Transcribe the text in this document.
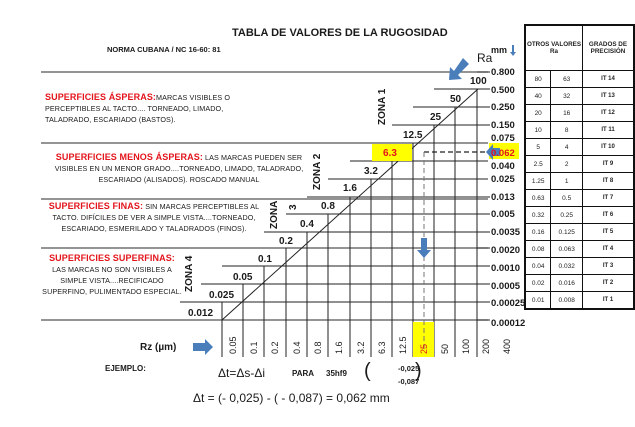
TABLA DE VALORES DE LA RUGOSIDAD
NORMA CUBANA / NC 16-60: 81
SUPERFICIES ÁSPERAS:MARCAS VISIBLES O PERCEPTIBLES AL TACTO.... TORNEADO, LIMADO, TALADRADO, ESCARIADO (BASTOS).
SUPERFICIES MENOS ÁSPERAS: LAS MARCAS PUEDEN SER VISIBLES EN UN MENOR GRADO....TORNEADO, LIMADO, TALADRADO, ESCARIADO (ALISADOS). ROSCADO MANUAL
SUPERFICIES FINAS: SIN MARCAS PERCEPTIBLES AL TACTO. DIFÍCILES DE VER A SIMPLE VISTA....TORNEADO, ESCARIADO, ESMERILADO Y TALADRADOS (FINOS).
SUPERFICIES SUPERFINAS: LAS MARCAS NO SON VISIBLES A SIMPLE VISTA....RECIFICADO SUPERFINO, PULIMENTADO ESPECIAL.
100
50
25
12.5
6.3
3.2
1.6
0.8
0.4
0.2
0.1
0.05
0.025
0.012
Ra
mm
0.800
0.500
0.250
0.150
0.075
0.062
0.040
0.025
0.013
0.005
0.0035
0.0020
0.0010
0.0005
0.00025
0.00012
ZONA 1
ZONA 2
ZONA 3
ZONA 4
Rz (µm)	0.05 0.1 0.2 0.4 0.8 1.6 3.2 6.3 12.5 25 50 100 200 400
OTROS VALORES Ra		GRADOS DE PRECISIÓN
80	63	IT 14
40	32	IT 13
20	16	IT 12
10	8	IT 11
5	4	IT 10
2.5	2	IT 9
1.25	1	IT 8
0.63	0.5	IT 7
0.32	0.25	IT 6
0.16	0.125	IT 5
0.08	0.063	IT 4
0.04	0.032	IT 3
0.02	0.016	IT 2
0.01	0.008	IT 1
EJEMPLO:	Δt=Δs-Δi	PARA 35hf9 (	-0,025
-0,087
)
Δt = (- 0,025) - ( - 0,087) = 0,062 mm
